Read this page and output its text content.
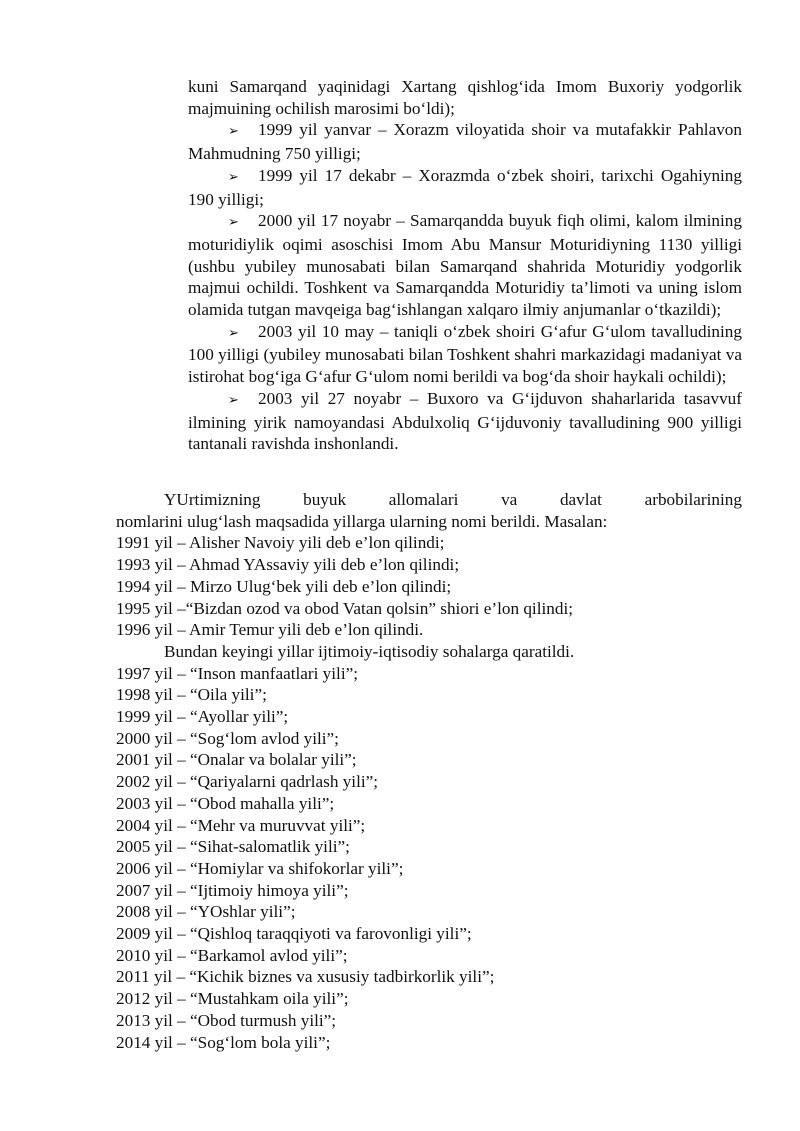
kuni Samarqand yaqinidagi Xartang qishlog‘ida Imom Buxoriy yodgorlik majmuining ochilish marosimi bo‘ldi);

➢ 1999 yil yanvar – Xorazm viloyatida shoir va mutafakkir Pahlavon Mahmudning 750 yilligi;

➢ 1999 yil 17 dekabr – Xorazmda o‘zbek shoiri, tarixchi Ogahiyning 190 yilligi;

➢ 2000 yil 17 noyabr – Samarqandda buyuk fiqh olimi, kalom ilmining moturidiylik oqimi asoschisi Imom Abu Mansur Moturidiyning 1130 yilligi (ushbu yubiley munosabati bilan Samarqand shahrida Moturidiy yodgorlik majmui ochildi. Toshkent va Samarqandda Moturidiy ta’limoti va uning islom olamida tutgan mavqeiga bag‘ishlangan xalqaro ilmiy anjumanlar o‘tkazildi);

➢ 2003 yil 10 may – taniqli o‘zbek shoiri G‘afur G‘ulom tavalludining 100 yilligi (yubiley munosabati bilan Toshkent shahri markazidagi madaniyat va istirohat bog‘iga G‘afur G‘ulom nomi berildi va bog‘da shoir haykali ochildi);

➢ 2003 yil 27 noyabr – Buxoro va G‘ijduvon shaharlarida tasavvuf ilmining yirik namoyandasi Abdulxoliq G‘ijduvoniy tavalludining 900 yilligi tantanali ravishda inshonlandi.

YUrtimizning buyuk allomalari va davlat arbobilarining

nomlarini ulug‘lash maqsadida yillarga ularning nomi berildi. Masalan:

1991 yil – Alisher Navoiy yili deb e’lon qilindi;

1993 yil – Ahmad YAssaviy yili deb e’lon qilindi;

1994 yil – Mirzo Ulug‘bek yili deb e’lon qilindi;

1995 yil –“Bizdan ozod va obod Vatan qolsin” shiori e’lon qilindi;

1996 yil – Amir Temur yili deb e’lon qilindi.

Bundan keyingi yillar ijtimoiy-iqtisodiy sohalarga qaratildi.

1997 yil – “Inson manfaatlari yili”;

1998 yil – “Oila yili”;

1999 yil – “Ayollar yili”;

2000 yil – “Sog‘lom avlod yili”;

2001 yil – “Onalar va bolalar yili”;

2002 yil – “Qariyalarni qadrlash yili”;

2003 yil – “Obod mahalla yili”;

2004 yil – “Mehr va muruvvat yili”;

2005 yil – “Sihat-salomatlik yili”;

2006 yil – “Homiylar va shifokorlar yili”;

2007 yil – “Ijtimoiy himoya yili”;

2008 yil – “YOshlar yili”;

2009 yil – “Qishloq taraqqiyoti va farovonligi yili”;

2010 yil – “Barkamol avlod yili”;

2011 yil – “Kichik biznes va xususiy tadbirkorlik yili”;

2012 yil – “Mustahkam oila yili”;

2013 yil – “Obod turmush yili”;

2014 yil – “Sog‘lom bola yili”;
